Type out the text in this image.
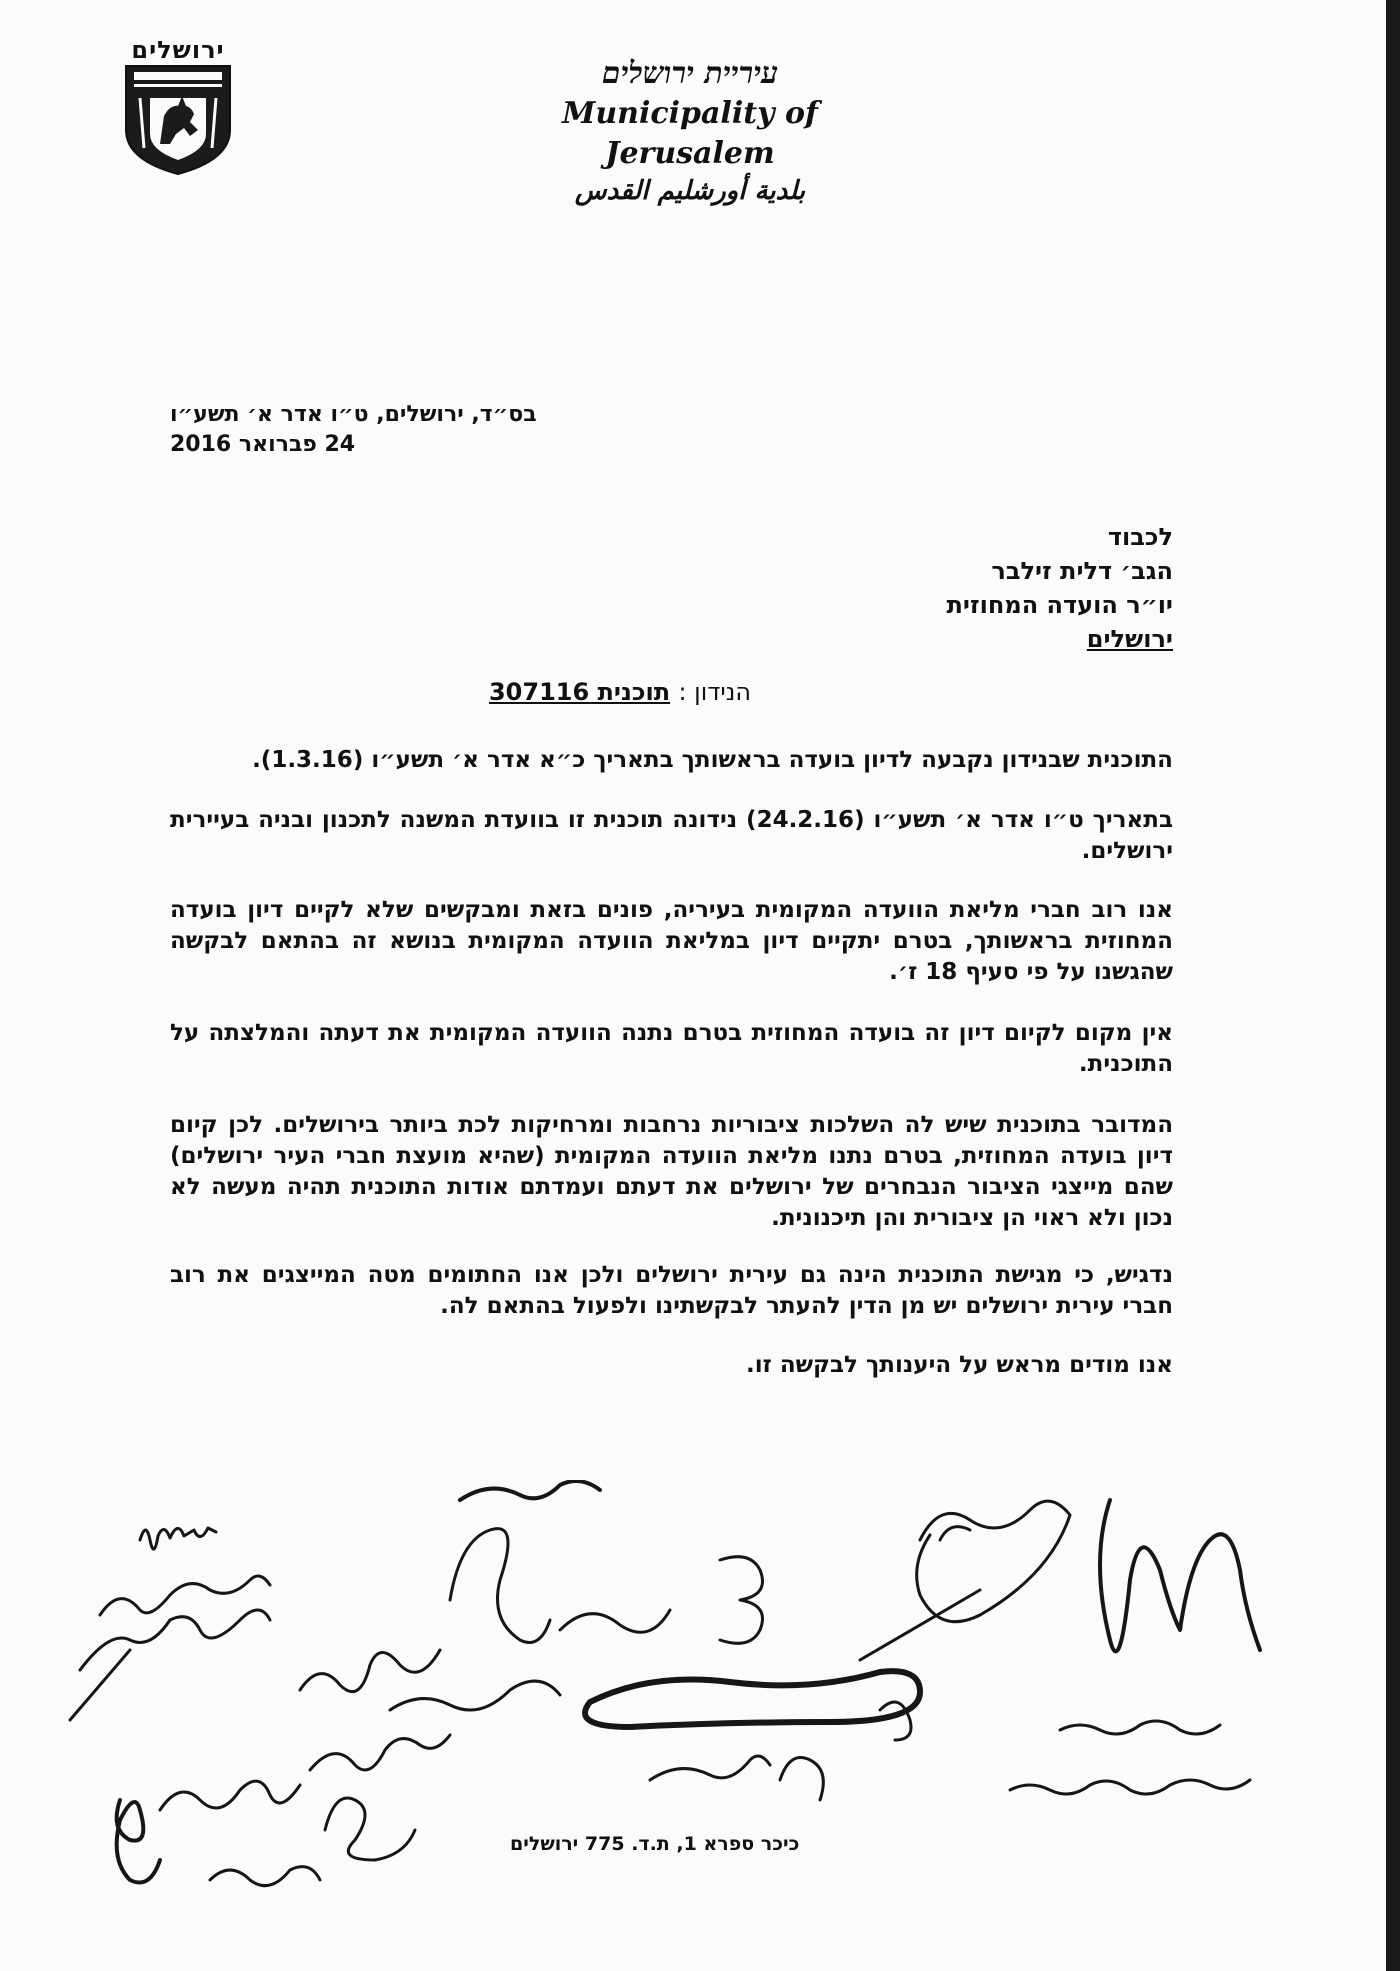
ירושלים
עיריית ירושלים
Municipality of Jerusalem
بلدية أورشليم القدس
בס״ד, ירושלים, ט״ו אדר א׳ תשע״ו
24 פברואר 2016
לכבוד
הגב׳ דלית זילבר
יו״ר הועדה המחוזית
ירושלים
הנידון : תוכנית 307116
התוכנית שבנידון נקבעה לדיון בועדה בראשותך בתאריך כ״א אדר א׳ תשע״ו (1.3.16).
בתאריך ט״ו אדר א׳ תשע״ו (24.2.16) נידונה תוכנית זו בוועדת המשנה לתכנון ובניה בעיירית ירושלים.
אנו רוב חברי מליאת הוועדה המקומית בעיריה, פונים בזאת ומבקשים שלא לקיים דיון בועדה המחוזית בראשותך, בטרם יתקיים דיון במליאת הוועדה המקומית בנושא זה בהתאם לבקשה שהגשנו על פי סעיף 18 ז׳.
אין מקום לקיום דיון זה בועדה המחוזית בטרם נתנה הוועדה המקומית את דעתה והמלצתה על התוכנית.
המדובר בתוכנית שיש לה השלכות ציבוריות נרחבות ומרחיקות לכת ביותר בירושלים. לכן קיום דיון בועדה המחוזית, בטרם נתנו מליאת הוועדה המקומית (שהיא מועצת חברי העיר ירושלים) שהם מייצגי הציבור הנבחרים של ירושלים את דעתם ועמדתם אודות התוכנית תהיה מעשה לא נכון ולא ראוי הן ציבורית והן תיכנונית.
נדגיש, כי מגישת התוכנית הינה גם עירית ירושלים ולכן אנו החתומים מטה המייצגים את רוב חברי עירית ירושלים יש מן הדין להעתר לבקשתינו ולפעול בהתאם לה.
אנו מודים מראש על היענותך לבקשה זו.
כיכר ספרא 1, ת.ד. 775 ירושלים
